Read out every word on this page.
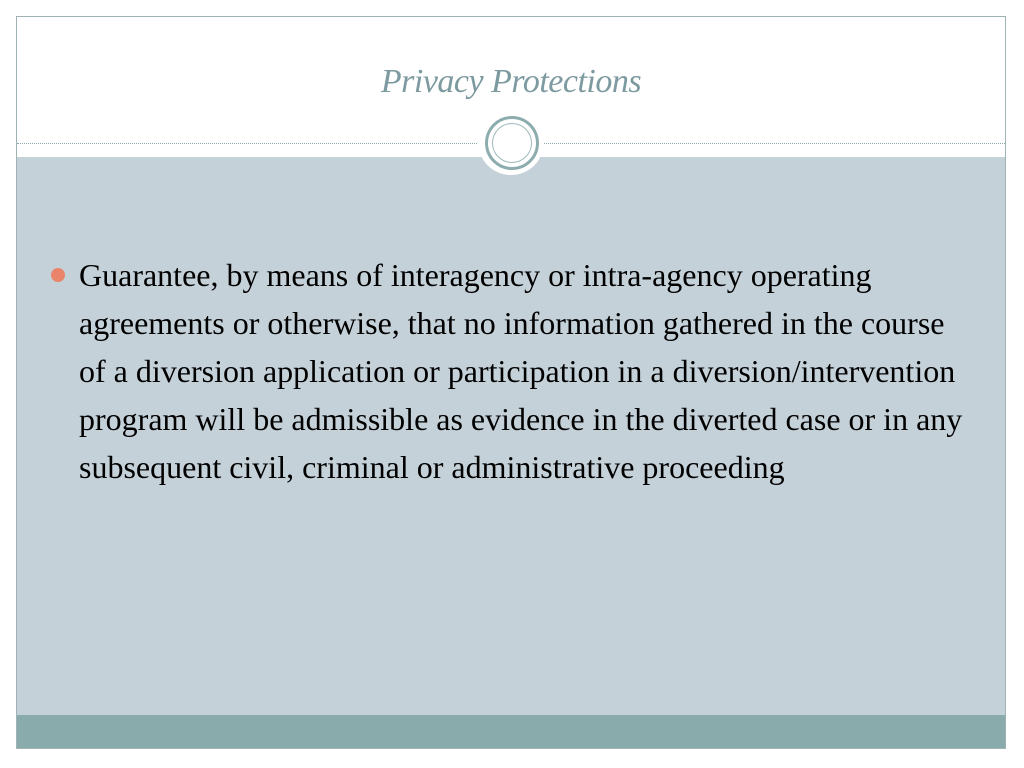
Privacy Protections
Guarantee, by means of interagency or intra-agency operating agreements or otherwise, that no information gathered in the course of a diversion application or participation in a diversion/intervention program will be admissible as evidence in the diverted case or in any subsequent civil, criminal or administrative proceeding
